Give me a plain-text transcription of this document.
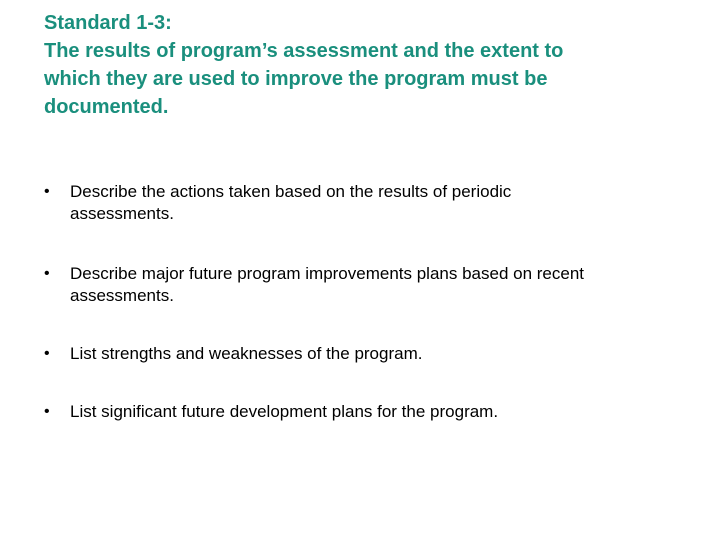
Standard 1-3:
The results of program’s assessment and the extent to
which they are used to improve the program must be
documented.
•	Describe the actions taken based on the results of periodic
assessments.
•	Describe major future program improvements plans based on recent
assessments.
•	List strengths and weaknesses of the program.
•	List significant future development plans for the program.
